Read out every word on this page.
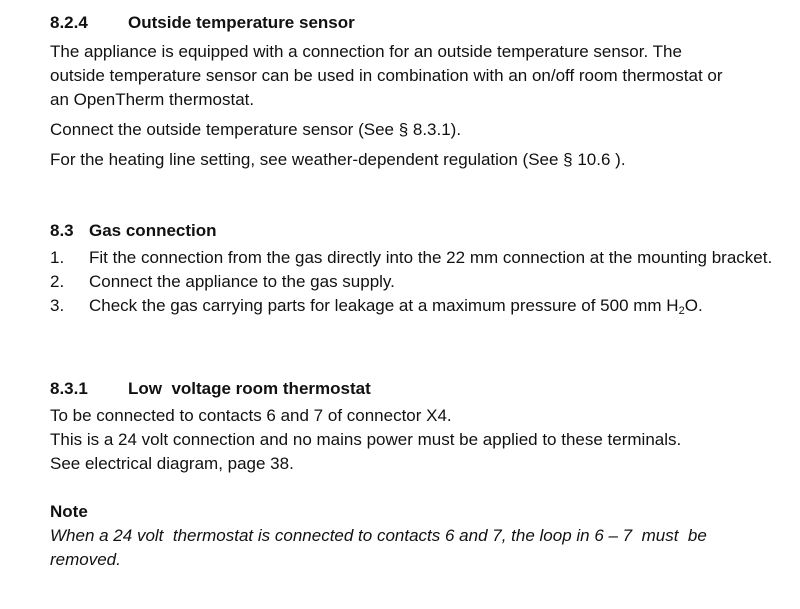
8.2.4 Outside temperature sensor

The appliance is equipped with a connection for an outside temperature sensor. The outside temperature sensor can be used in combination with an on/off room thermostat or an OpenTherm thermostat.

Connect the outside temperature sensor (See § 8.3.1).

For the heating line setting, see weather-dependent regulation (See § 10.6 ).

8.3 Gas connection
1.	Fit the connection from the gas directly into the 22 mm connection at the mounting bracket.
2.	Connect the appliance to the gas supply.
3.	Check the gas carrying parts for leakage at a maximum pressure of 500 mm $H_2O$.
8.3.1 Low  voltage room thermostat

To be connected to contacts 6 and 7 of connector X4.

This is a 24 volt connection and no mains power must be applied to these terminals.

See electrical diagram, page 38.

Note

When a 24 volt  thermostat is connected to contacts 6 and 7, the loop in 6 – 7  must  be removed.
